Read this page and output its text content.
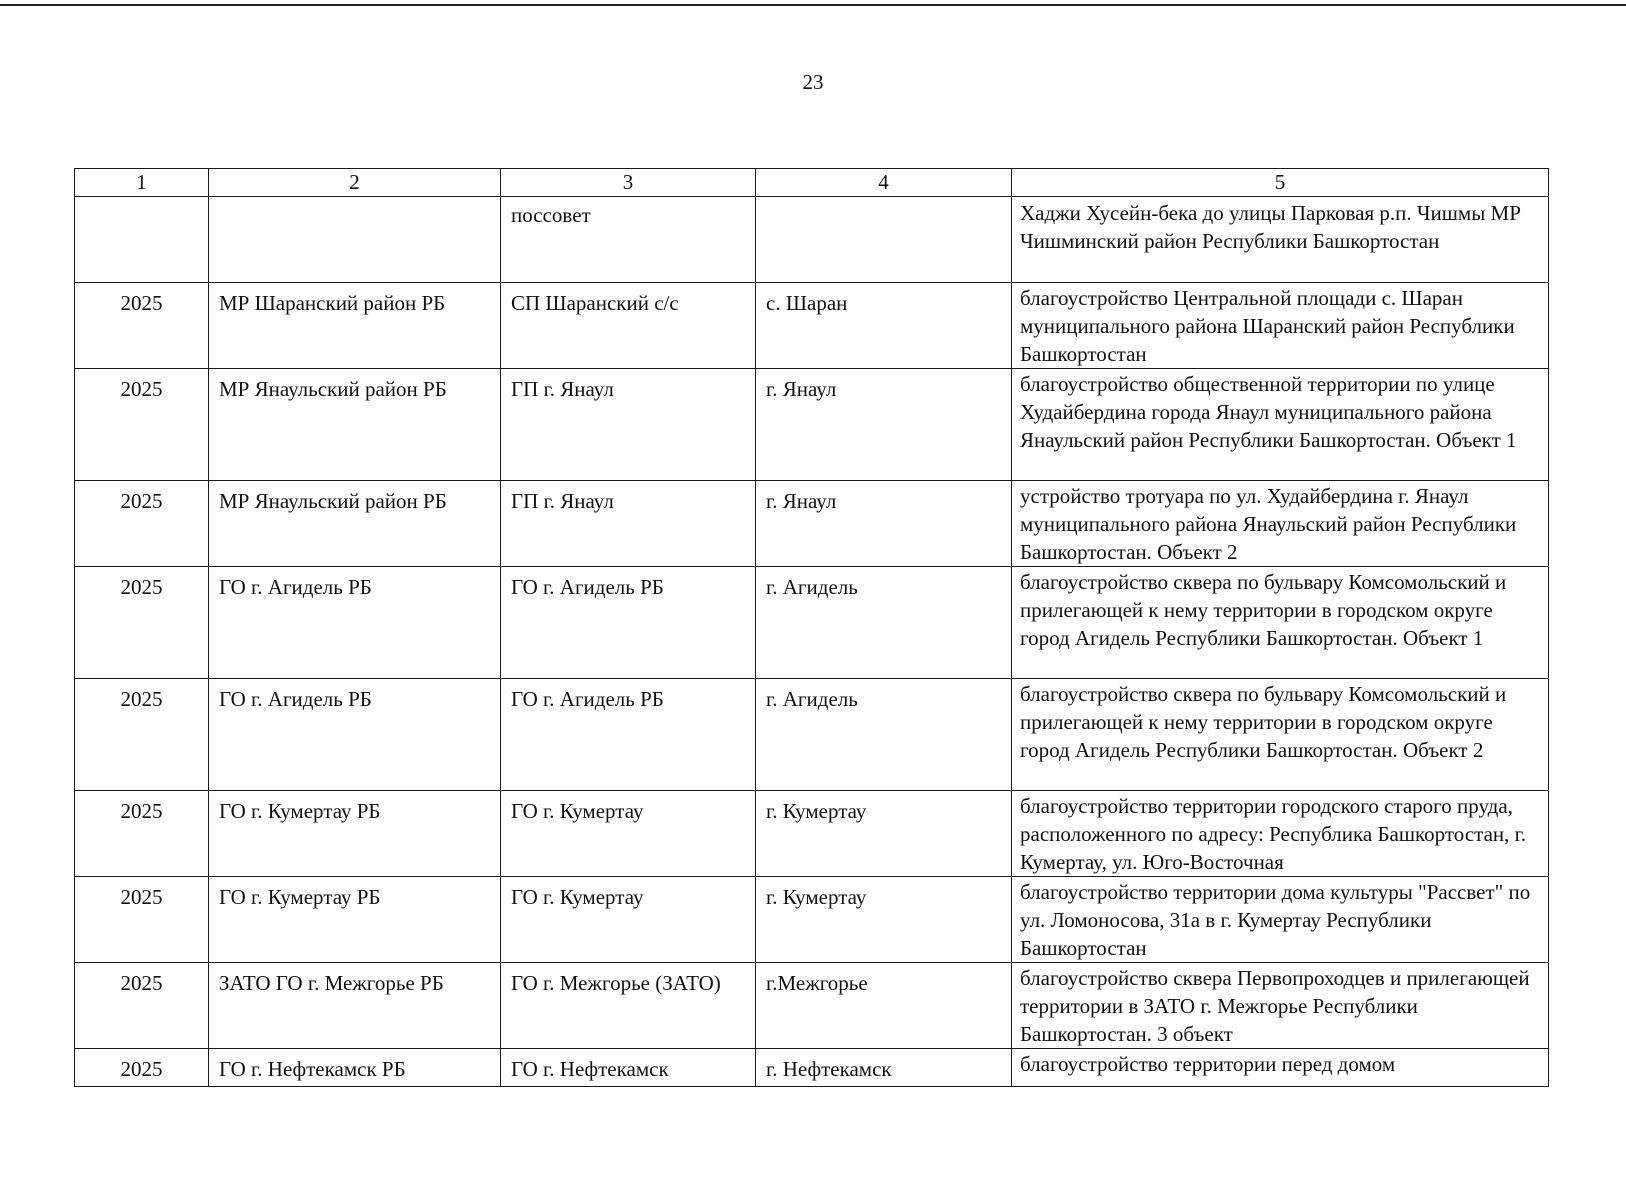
23
1	2	3	4	5
		поссовет		Хаджи Хусейн-бека до улицы Парковая р.п. Чишмы МР Чишминский район Республики Башкортостан
2025	МР Шаранский район РБ	СП Шаранский с/с	с. Шаран	благоустройство Центральной площади с. Шаран муниципального района Шаранский район Республики Башкортостан
2025	МР Янаульский район РБ	ГП г. Янаул	г. Янаул	благоустройство общественной территории по улице Худайбердина города Янаул муниципального района Янаульский район Республики Башкортостан. Объект 1
2025	МР Янаульский район РБ	ГП г. Янаул	г. Янаул	устройство тротуара по ул. Худайбердина г. Янаул муниципального района Янаульский район Республики Башкортостан. Объект 2
2025	ГО г. Агидель РБ	ГО г. Агидель РБ	г. Агидель	благоустройство сквера по бульвару Комсомольский и прилегающей к нему территории в городском округе город Агидель Республики Башкортостан. Объект 1
2025	ГО г. Агидель РБ	ГО г. Агидель РБ	г. Агидель	благоустройство сквера по бульвару Комсомольский и прилегающей к нему территории в городском округе город Агидель Республики Башкортостан. Объект 2
2025	ГО г. Кумертау РБ	ГО г. Кумертау	г. Кумертау	благоустройство территории городского старого пруда, расположенного по адресу: Республика Башкортостан, г. Кумертау, ул. Юго-Восточная
2025	ГО г. Кумертау РБ	ГО г. Кумертау	г. Кумертау	благоустройство территории дома культуры "Рассвет" по ул. Ломоносова, 31а в г. Кумертау Республики Башкортостан
2025	ЗАТО ГО г. Межгорье РБ	ГО г. Межгорье (ЗАТО)	г.Межгорье	благоустройство сквера Первопроходцев и прилегающей территории в ЗАТО г. Межгорье Республики Башкортостан. 3 объект
2025	ГО г. Нефтекамск РБ	ГО г. Нефтекамск	г. Нефтекамск	благоустройство территории перед домом
